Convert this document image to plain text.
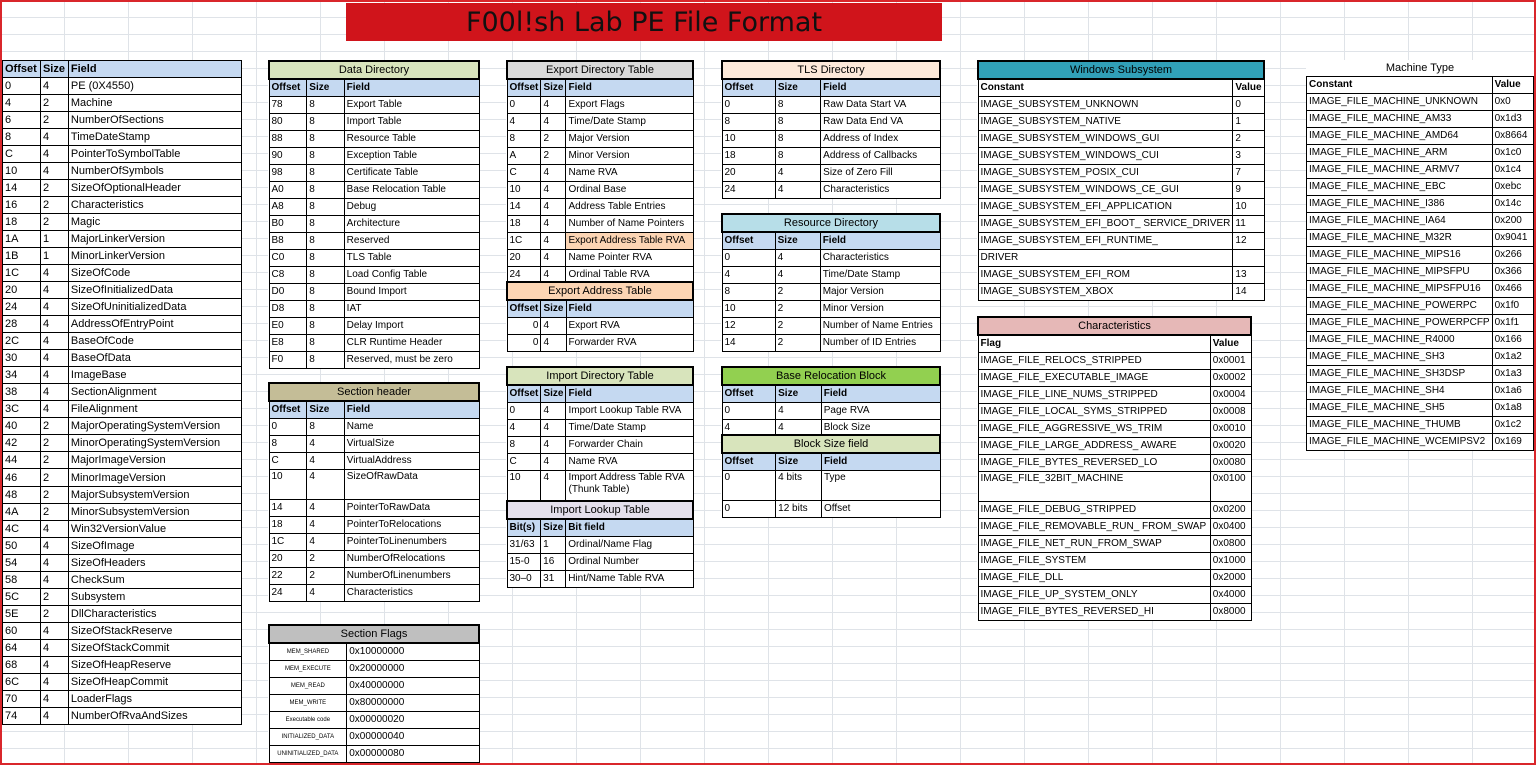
F00l!sh Lab PE File Format
Offset	Size	Field
0	4	PE (0X4550)
4	2	Machine
6	2	NumberOfSections
8	4	TimeDateStamp
C	4	PointerToSymbolTable
10	4	NumberOfSymbols
14	2	SizeOfOptionalHeader
16	2	Characteristics
18	2	Magic
1A	1	MajorLinkerVersion
1B	1	MinorLinkerVersion
1C	4	SizeOfCode
20	4	SizeOfInitializedData
24	4	SizeOfUninitializedData
28	4	AddressOfEntryPoint
2C	4	BaseOfCode
30	4	BaseOfData
34	4	ImageBase
38	4	SectionAlignment
3C	4	FileAlignment
40	2	MajorOperatingSystemVersion
42	2	MinorOperatingSystemVersion
44	2	MajorImageVersion
46	2	MinorImageVersion
48	2	MajorSubsystemVersion
4A	2	MinorSubsystemVersion
4C	4	Win32VersionValue
50	4	SizeOfImage
54	4	SizeOfHeaders
58	4	CheckSum
5C	2	Subsystem
5E	2	DllCharacteristics
60	4	SizeOfStackReserve
64	4	SizeOfStackCommit
68	4	SizeOfHeapReserve
6C	4	SizeOfHeapCommit
70	4	LoaderFlags
74	4	NumberOfRvaAndSizes
Data Directory		
Offset	Size	Field
78	8	Export Table
80	8	Import Table
88	8	Resource Table
90	8	Exception Table
98	8	Certificate Table
A0	8	Base Relocation Table
A8	8	Debug
B0	8	Architecture
B8	8	Reserved
C0	8	TLS Table
C8	8	Load Config Table
D0	8	Bound Import
D8	8	IAT
E0	8	Delay Import
E8	8	CLR Runtime Header
F0	8	Reserved, must be zero
Section header		
Offset	Size	Field
0	8	Name
8	4	VirtualSize
C	4	VirtualAddress
10	4	SizeOfRawData
14	4	PointerToRawData
18	4	PointerToRelocations
1C	4	PointerToLinenumbers
20	2	NumberOfRelocations
22	2	NumberOfLinenumbers
24	4	Characteristics
Section Flags	
MEM_SHARED	0x10000000
MEM_EXECUTE	0x20000000
MEM_READ	0x40000000
MEM_WRITE	0x80000000
Executable code	0x00000020
INITIALIZED_DATA	0x00000040
UNINITIALIZED_DATA	0x00000080
Export Directory Table		
Offset	Size	Field
0	4	Export Flags
4	4	Time/Date Stamp
8	2	Major Version
A	2	Minor Version
C	4	Name RVA
10	4	Ordinal Base
14	4	Address Table Entries
18	4	Number of Name Pointers
1C	4	Export Address Table RVA
20	4	Name Pointer RVA
24	4	Ordinal Table RVA
Export Address Table		
Offset	Size	Field
0	4	Export RVA
0	4	Forwarder RVA
Import Directory Table		
Offset	Size	Field
0	4	Import Lookup Table RVA
4	4	Time/Date Stamp
8	4	Forwarder Chain
C	4	Name RVA
10	4	Import Address Table RVA (Thunk Table)
Import Lookup Table		
Bit(s)	Size	Bit field
31/63	1	Ordinal/Name Flag
15-0	16	Ordinal Number
30–0	31	Hint/Name Table RVA
TLS Directory		
Offset	Size	Field
0	8	Raw Data Start VA
8	8	Raw Data End VA
10	8	Address of Index
18	8	Address of Callbacks
20	4	Size of Zero Fill
24	4	Characteristics
Resource Directory		
Offset	Size	Field
0	4	Characteristics
4	4	Time/Date Stamp
8	2	Major Version
10	2	Minor Version
12	2	Number of Name Entries
14	2	Number of ID Entries
Base Relocation Block		
Offset	Size	Field
0	4	Page RVA
4	4	Block Size
Block Size field		
Offset	Size	Field
0	4 bits	Type
0	12 bits	Offset
Windows Subsystem	
Constant	Value
IMAGE_SUBSYSTEM_UNKNOWN	0
IMAGE_SUBSYSTEM_NATIVE	1
IMAGE_SUBSYSTEM_WINDOWS_GUI	2
IMAGE_SUBSYSTEM_WINDOWS_CUI	3
IMAGE_SUBSYSTEM_POSIX_CUI	7
IMAGE_SUBSYSTEM_WINDOWS_CE_GUI	9
IMAGE_SUBSYSTEM_EFI_APPLICATION	10
IMAGE_SUBSYSTEM_EFI_BOOT_ SERVICE_DRIVER	11
IMAGE_SUBSYSTEM_EFI_RUNTIME_	12
DRIVER	
IMAGE_SUBSYSTEM_EFI_ROM	13
IMAGE_SUBSYSTEM_XBOX	14
Characteristics	
Flag	Value
IMAGE_FILE_RELOCS_STRIPPED	0x0001
IMAGE_FILE_EXECUTABLE_IMAGE	0x0002
IMAGE_FILE_LINE_NUMS_STRIPPED	0x0004
IMAGE_FILE_LOCAL_SYMS_STRIPPED	0x0008
IMAGE_FILE_AGGRESSIVE_WS_TRIM	0x0010
IMAGE_FILE_LARGE_ADDRESS_ AWARE	0x0020
IMAGE_FILE_BYTES_REVERSED_LO	0x0080
IMAGE_FILE_32BIT_MACHINE	0x0100
IMAGE_FILE_DEBUG_STRIPPED	0x0200
IMAGE_FILE_REMOVABLE_RUN_ FROM_SWAP	0x0400
IMAGE_FILE_NET_RUN_FROM_SWAP	0x0800
IMAGE_FILE_SYSTEM	0x1000
IMAGE_FILE_DLL	0x2000
IMAGE_FILE_UP_SYSTEM_ONLY	0x4000
IMAGE_FILE_BYTES_REVERSED_HI	0x8000
Machine Type	
Constant	Value
IMAGE_FILE_MACHINE_UNKNOWN	0x0
IMAGE_FILE_MACHINE_AM33	0x1d3
IMAGE_FILE_MACHINE_AMD64	0x8664
IMAGE_FILE_MACHINE_ARM	0x1c0
IMAGE_FILE_MACHINE_ARMV7	0x1c4
IMAGE_FILE_MACHINE_EBC	0xebc
IMAGE_FILE_MACHINE_I386	0x14c
IMAGE_FILE_MACHINE_IA64	0x200
IMAGE_FILE_MACHINE_M32R	0x9041
IMAGE_FILE_MACHINE_MIPS16	0x266
IMAGE_FILE_MACHINE_MIPSFPU	0x366
IMAGE_FILE_MACHINE_MIPSFPU16	0x466
IMAGE_FILE_MACHINE_POWERPC	0x1f0
IMAGE_FILE_MACHINE_POWERPCFP	0x1f1
IMAGE_FILE_MACHINE_R4000	0x166
IMAGE_FILE_MACHINE_SH3	0x1a2
IMAGE_FILE_MACHINE_SH3DSP	0x1a3
IMAGE_FILE_MACHINE_SH4	0x1a6
IMAGE_FILE_MACHINE_SH5	0x1a8
IMAGE_FILE_MACHINE_THUMB	0x1c2
IMAGE_FILE_MACHINE_WCEMIPSV2	0x169
